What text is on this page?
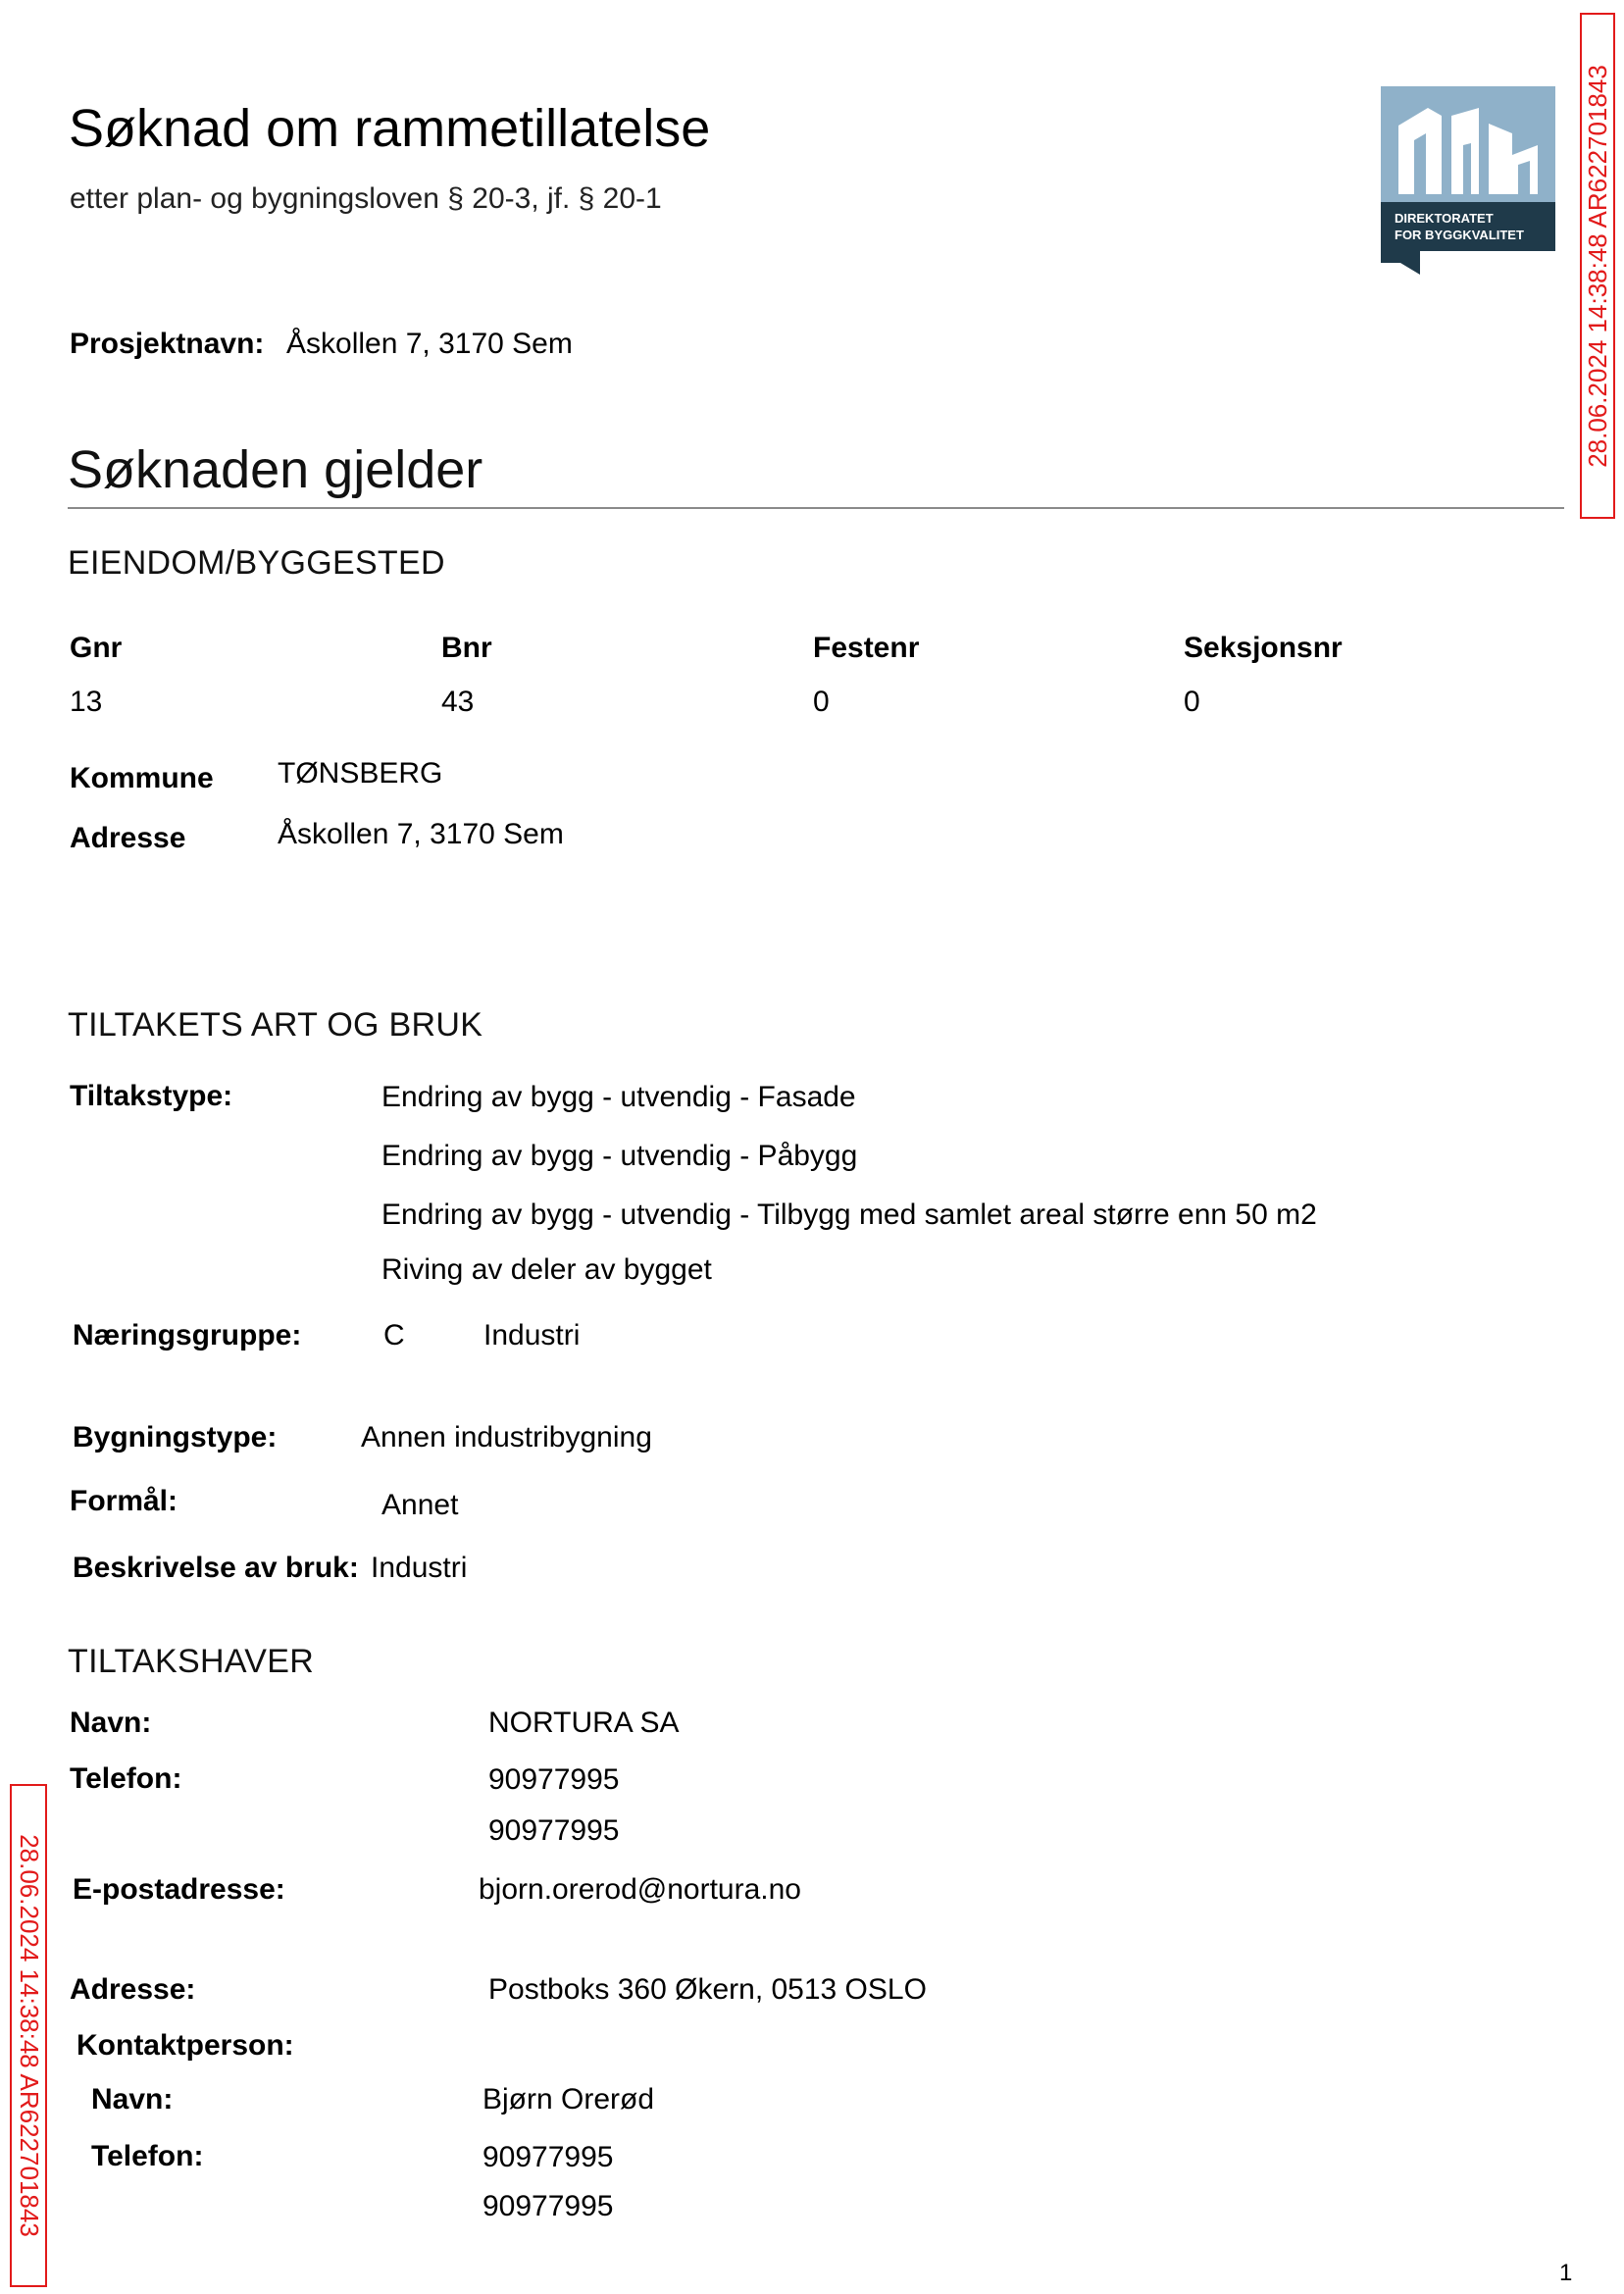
Søknad om rammetillatelse
etter plan- og bygningsloven § 20-3, jf. § 20-1
DIREKTORATET
FOR BYGGKVALITET 28.06.2024 14:38:48 AR622701843
28.06.2024 14:38:48 AR622701843
Prosjektnavn: Åskollen 7, 3170 Sem
Søknaden gjelder
EIENDOM/BYGGESTED
Gnr	Bnr	Festenr	Seksjonsnr
13	43	0	0
Kommune TØNSBERG
Adresse	Åskollen 7, 3170 Sem
TILTAKETS ART OG BRUK
Tiltakstype:	Endring av bygg - utvendig - Fasade
Endring av bygg - utvendig - Påbygg
Endring av bygg - utvendig - Tilbygg med samlet areal større enn 50 m2
Riving av deler av bygget
Næringsgruppe:	C	Industri
Bygningstype:	Annen industribygning
Formål:	Annet
Beskrivelse av bruk: Industri
TILTAKSHAVER
Navn:	NORTURA SA
Telefon:	90977995
90977995
E-postadresse:	bjorn.orerod@nortura.no
Adresse:	Postboks 360 Økern, 0513 OSLO
Kontaktperson:
Navn:	Bjørn Orerød
Telefon:	90977995
90977995
1
